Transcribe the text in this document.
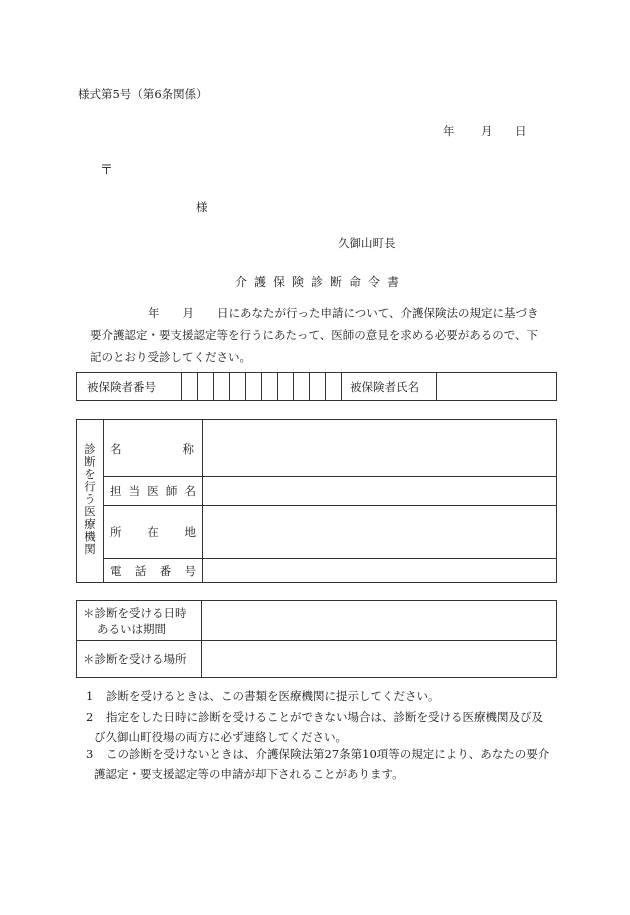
様式第5号（第6条関係）
年 月 日
〒
様
久御山町長
介護保険診断命令書
年　　月　　日にあなたが行った申請について、介護保険法の規定に基づき
要介護認定・要支援認定等を行うにあたって、医師の意見を求める必要があるので、下
記のとおり受診してください。
被保険者番号											被保険者氏名	
診断を行う医療機関	名 称	

	担 当 医 師 名	

	所 在 地	

	電 話 番 号	

＊診断を受ける日時
あるいは期間	

＊診断を受ける場所	
1 診断を受けるときは、この書類を医療機関に提示してください。
2 指定をした日時に診断を受けることができない場合は、診断を受ける医療機関及び及
び久御山町役場の両方に必ず連絡してください。
3 この診断を受けないときは、介護保険法第27条第10項等の規定により、あなたの要介
護認定・要支援認定等の申請が却下されることがあります。
